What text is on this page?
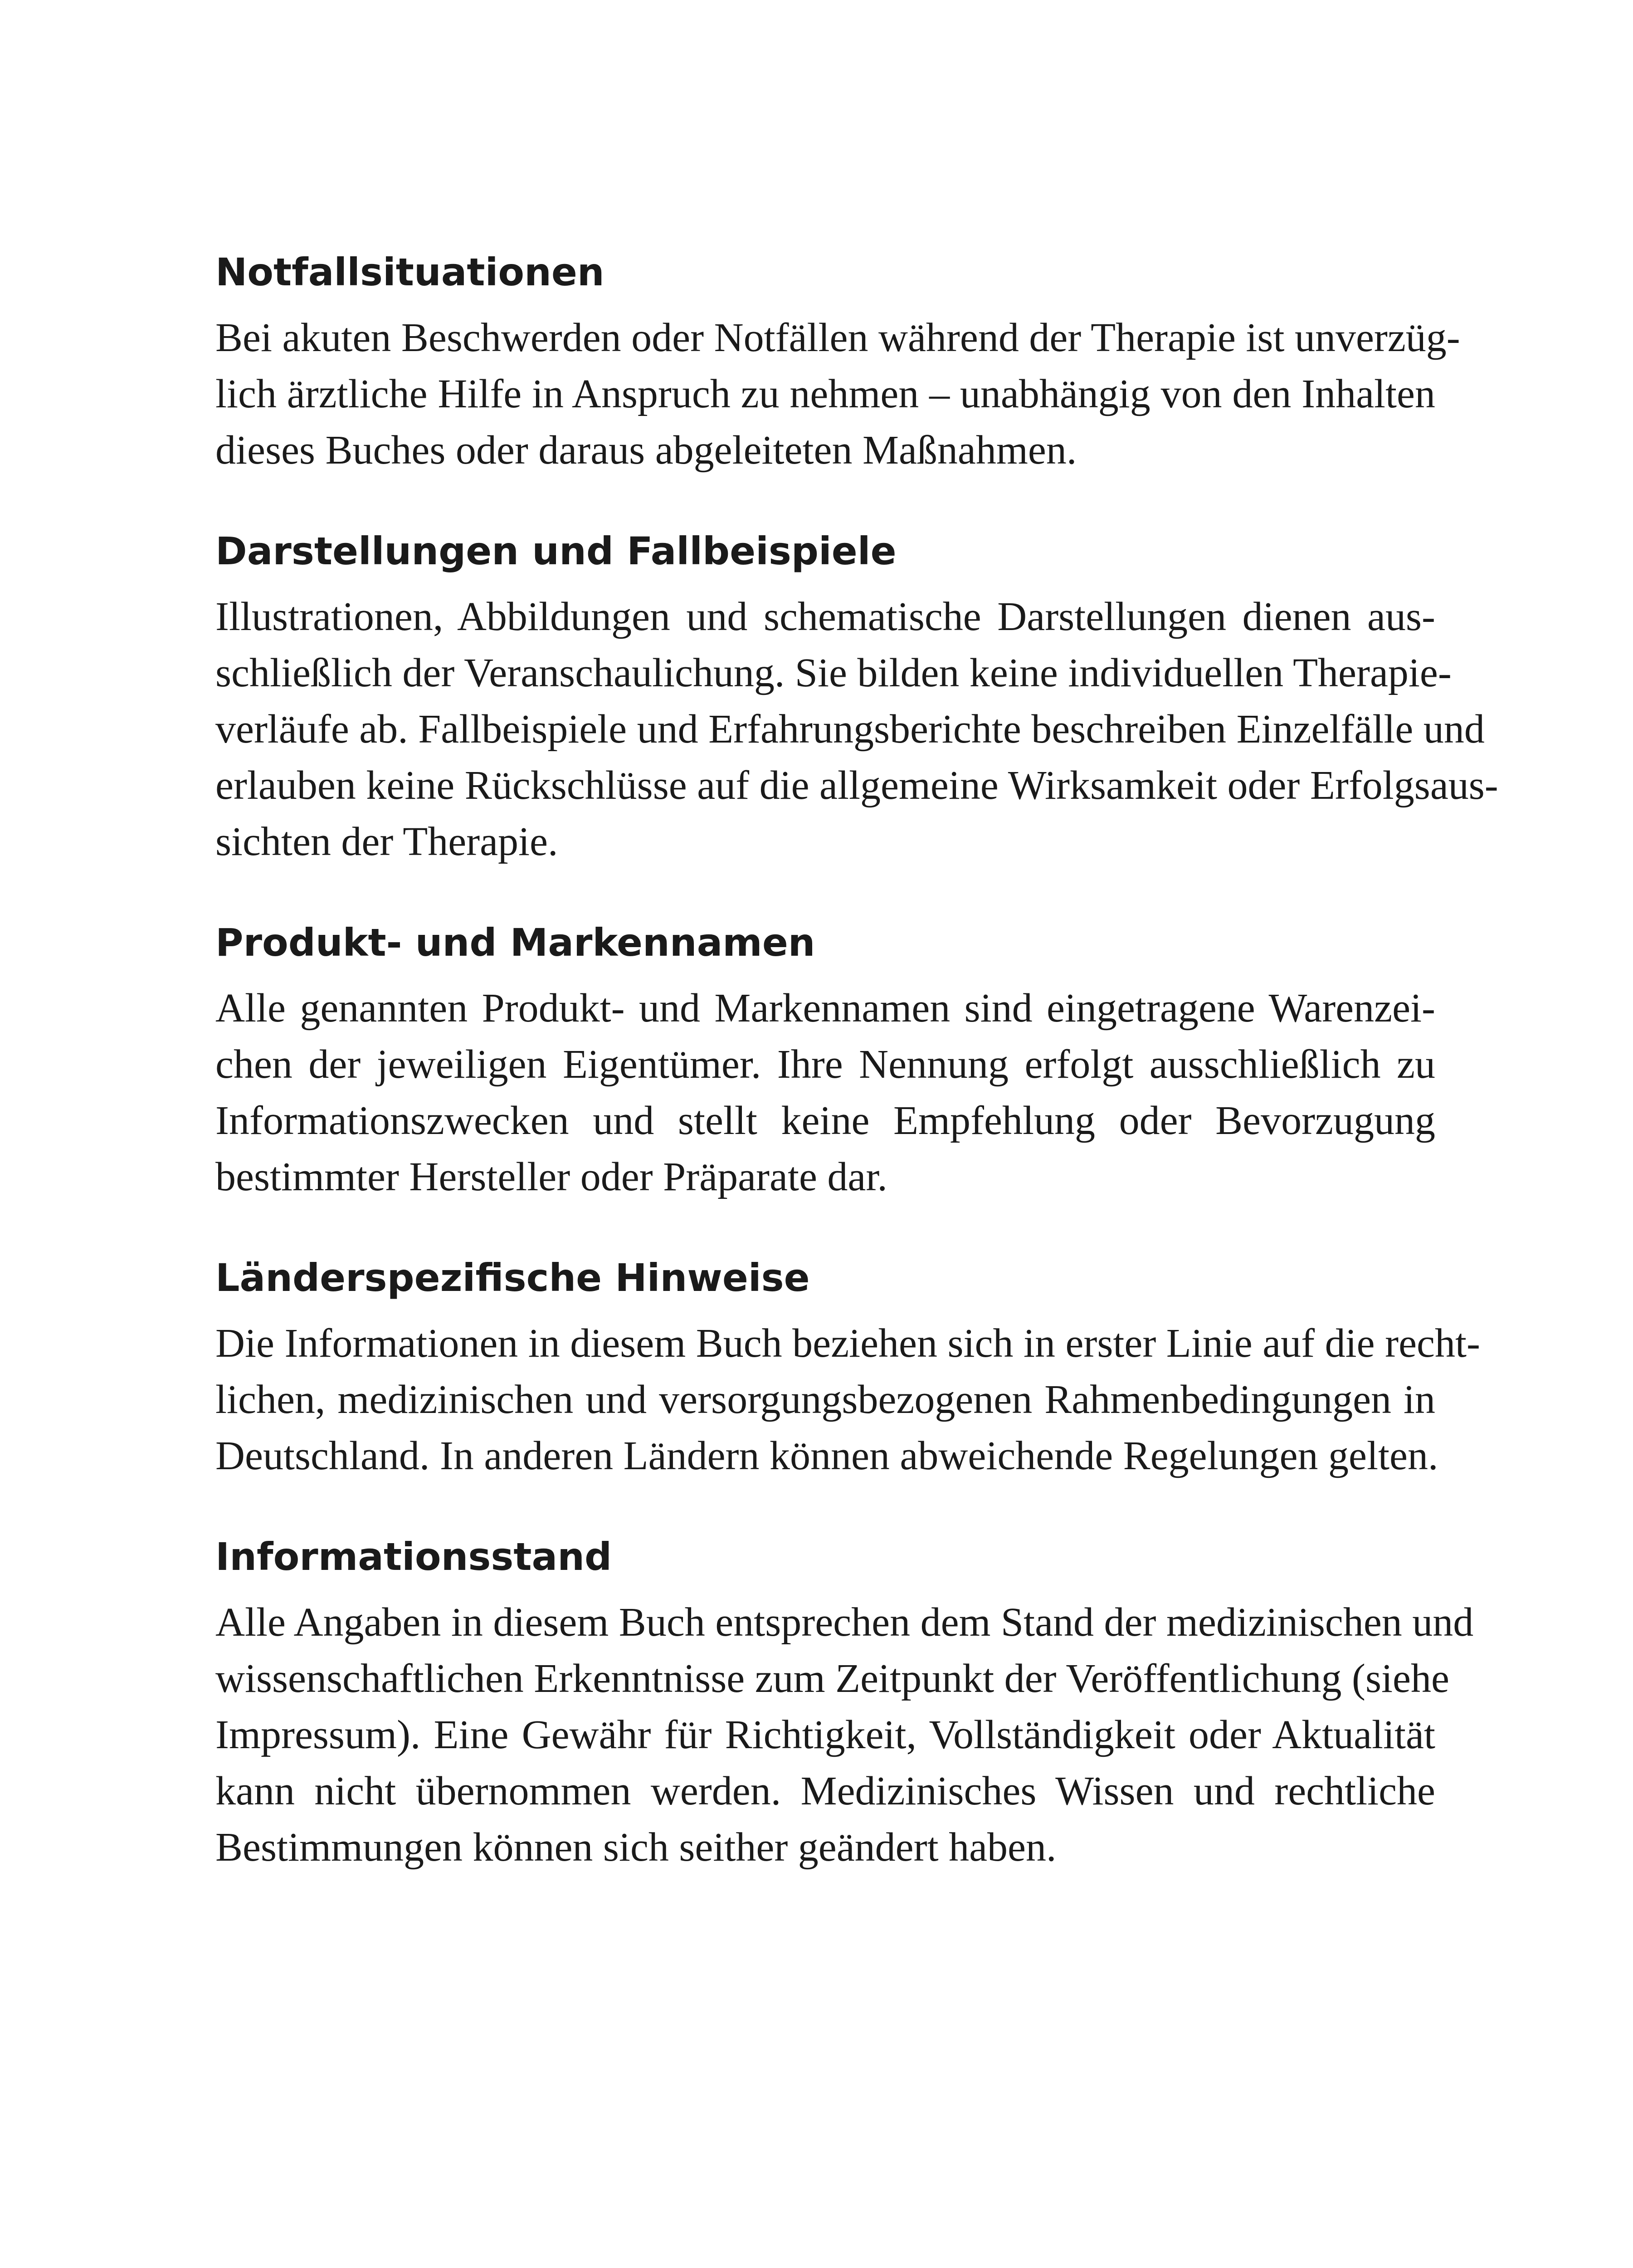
Notfallsituationen

Bei akuten Beschwerden oder Notfällen während der Therapie ist unverzüg-
lich ärztliche Hilfe in Anspruch zu nehmen – unabhängig von den Inhalten
dieses Buches oder daraus abgeleiteten Maßnahmen.

Darstellungen und Fallbeispiele

Illustrationen, Abbildungen und schematische Darstellungen dienen aus-
schließlich der Veranschaulichung. Sie bilden keine individuellen Therapie-
verläufe ab. Fallbeispiele und Erfahrungsberichte beschreiben Einzelfälle und
erlauben keine Rückschlüsse auf die allgemeine Wirksamkeit oder Erfolgsaus-
sichten der Therapie.

Produkt- und Markennamen

Alle genannten Produkt- und Markennamen sind eingetragene Warenzei-
chen der jeweiligen Eigentümer. Ihre Nennung erfolgt ausschließlich zu
Informationszwecken und stellt keine Empfehlung oder Bevorzugung
bestimmter Hersteller oder Präparate dar.

Länderspezifische Hinweise

Die Informationen in diesem Buch beziehen sich in erster Linie auf die recht-
lichen, medizinischen und versorgungsbezogenen Rahmenbedingungen in
Deutschland. In anderen Ländern können abweichende Regelungen gelten.

Informationsstand

Alle Angaben in diesem Buch entsprechen dem Stand der medizinischen und
wissenschaftlichen Erkenntnisse zum Zeitpunkt der Veröffentlichung (siehe
Impressum). Eine Gewähr für Richtigkeit, Vollständigkeit oder Aktualität
kann nicht übernommen werden. Medizinisches Wissen und rechtliche
Bestimmungen können sich seither geändert haben.
